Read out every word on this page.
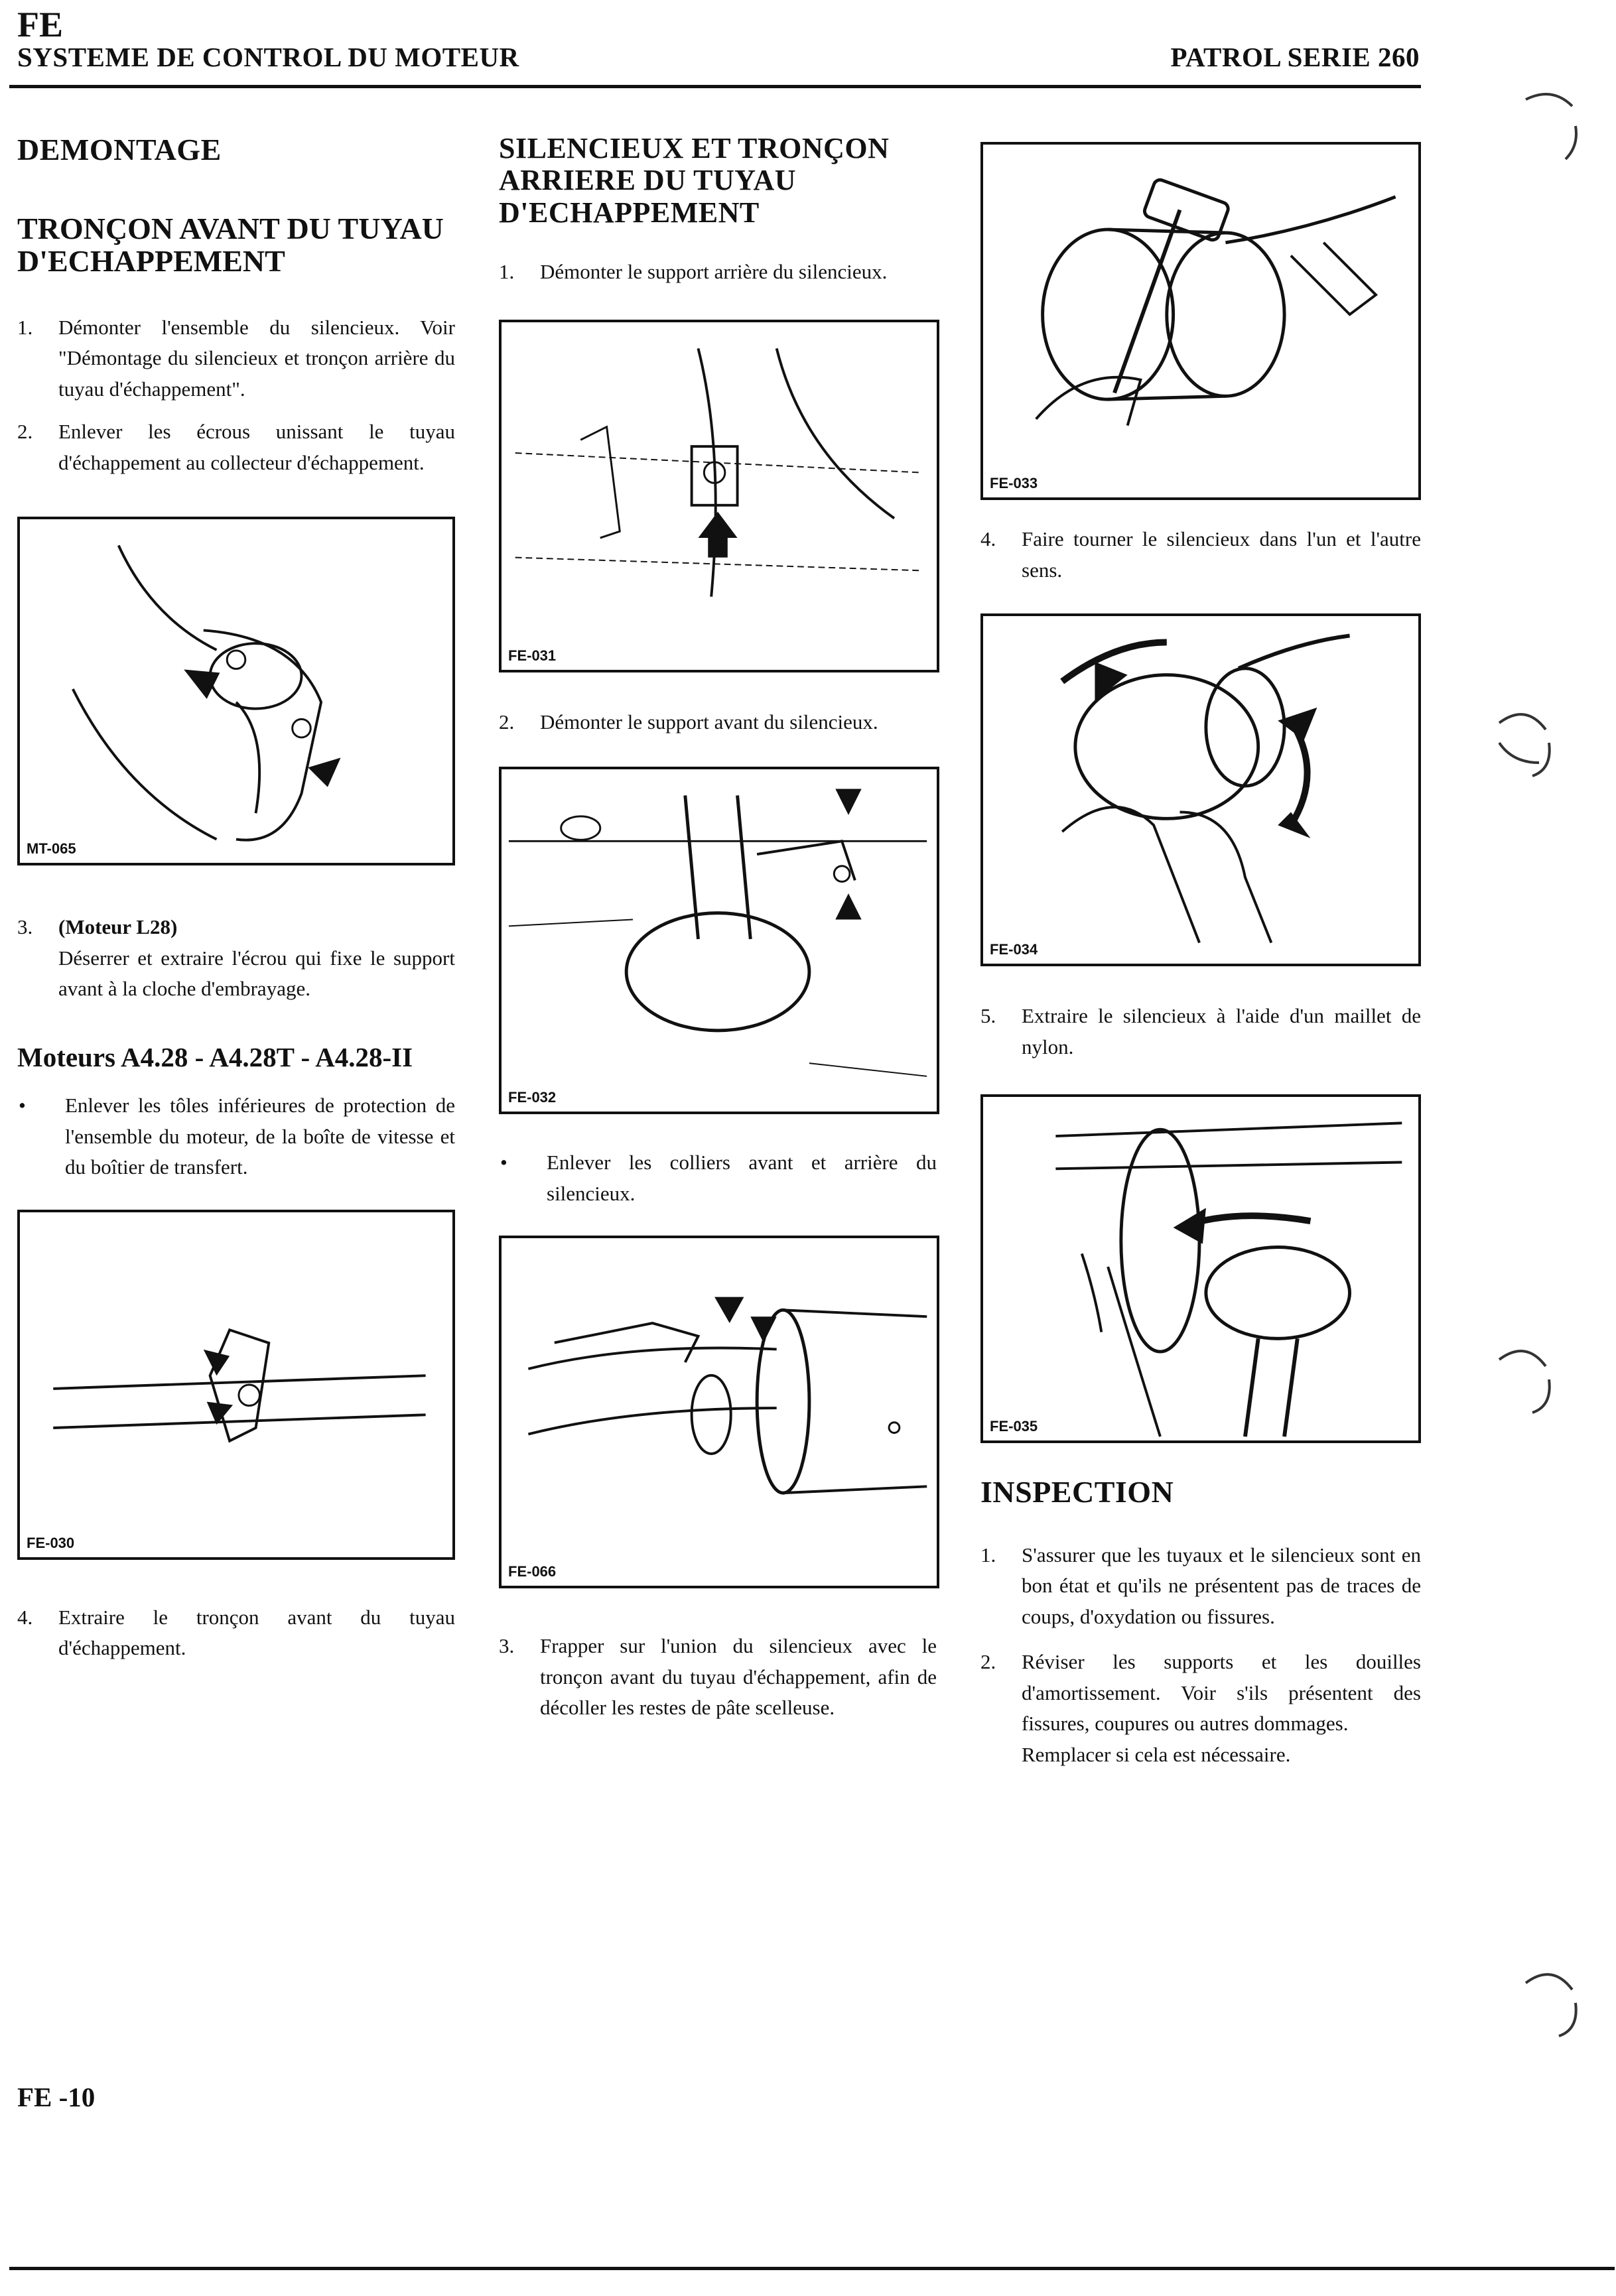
FE
SYSTEME DE CONTROL DU MOTEUR	PATROL SERIE 260
DEMONTAGE
TRONÇON AVANT DU TUYAU D'ECHAPPEMENT
1. Démonter l'ensemble du silencieux. Voir "Démontage du silencieux et tronçon arrière du tuyau d'échappement".
2. Enlever les écrous unissant le tuyau d'échappement au collecteur d'échappement.
MT-065
3. (Moteur L28)
Déserrer et extraire l'écrou qui fixe le support avant à la cloche d'embrayage.
Moteurs A4.28 - A4.28T - A4.28-II
• Enlever les tôles inférieures de protection de l'ensemble du moteur, de la boîte de vitesse et du boîtier de transfert.
FE-030
4. Extraire le tronçon avant du tuyau d'échappement.
SILENCIEUX ET TRONÇON ARRIERE DU TUYAU D'ECHAPPEMENT
1. Démonter le support arrière du silencieux.
FE-031
2. Démonter le support avant du silencieux.
FE-032
• Enlever les colliers avant et arrière du silencieux.
FE-066
3. Frapper sur l'union du silencieux avec le tronçon avant du tuyau d'échappement, afin de décoller les restes de pâte scelleuse.
FE-033
4. Faire tourner le silencieux dans l'un et l'autre sens.
FE-034
5. Extraire le silencieux à l'aide d'un maillet de nylon.
FE-035
INSPECTION
1. S'assurer que les tuyaux et le silencieux sont en bon état et qu'ils ne présentent pas de traces de coups, d'oxydation ou fissures.
2. Réviser les supports et les douilles d'amortissement. Voir s'ils présentent des fissures, coupures ou autres dommages.
Remplacer si cela est nécessaire.
FE -10
